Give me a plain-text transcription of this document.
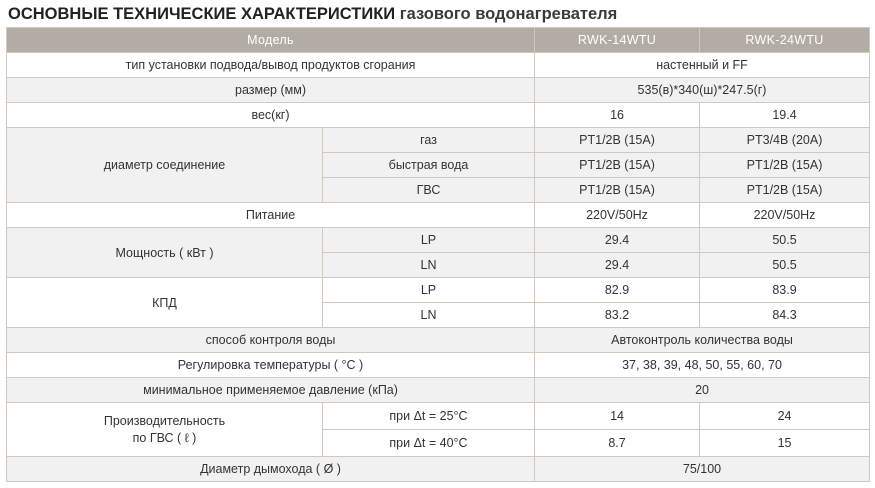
ОСНОВНЫЕ ТЕХНИЧЕСКИЕ ХАРАКТЕРИСТИКИ газового водонагревателя
Модель		RWK-14WTU	RWK-24WTU
тип установки подвода/вывод продуктов сгорания		настенный и FF	
размер (мм)		535(в)*340(ш)*247.5(г)	
вес(кг)		16	19.4
диаметр соединение	газ	PT1/2B (15A)	PT3/4B (20A)
	быстрая вода	PT1/2B (15A)	PT1/2B (15A)
	ГВС	PT1/2B (15A)	PT1/2B (15A)
Питание		220V/50Hz	220V/50Hz
Мощность ( кВт )	LP	29.4	50.5
	LN	29.4	50.5
КПД	LP	82.9	83.9
	LN	83.2	84.3
способ контроля воды		Автоконтроль количества воды	
Регулировка температуры ( °C )		37, 38, 39, 48, 50, 55, 60, 70	
минимальное применяемое давление (кПа)		20	
Производительность
по ГВС ( ℓ )	при Δt = 25°C	14	24
	при Δt = 40°C	8.7	15
Диаметр дымохода ( Ø )		75/100	
